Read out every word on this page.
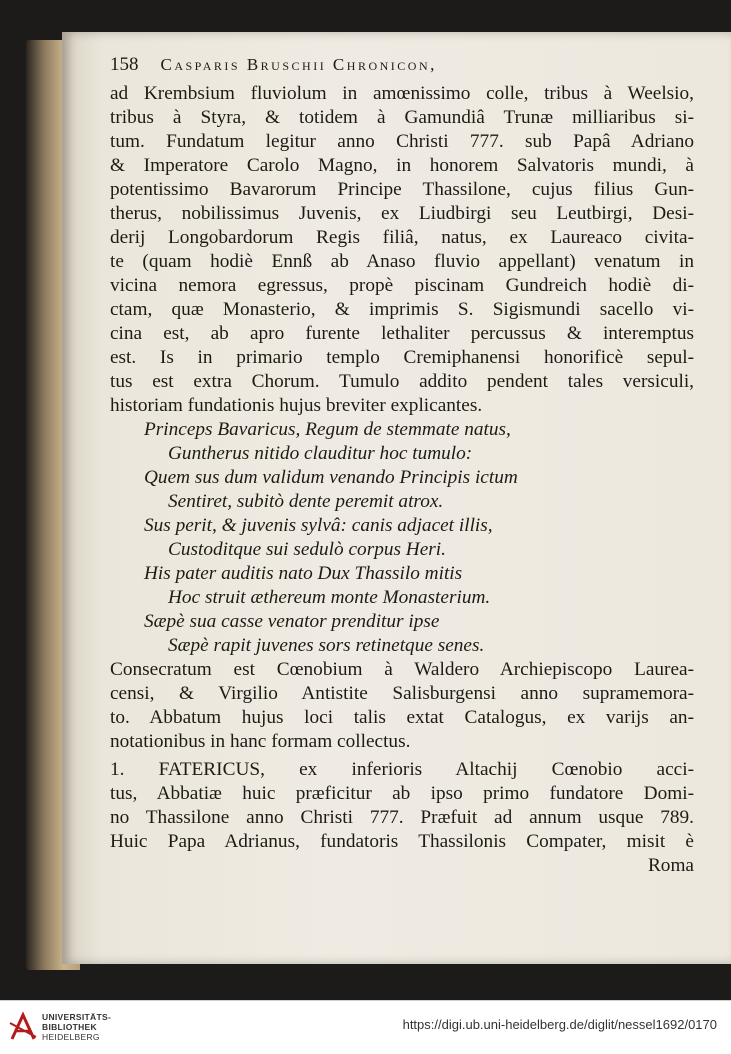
158 Casparis Bruschii Chronicon,
ad Krembsium fluviolum in amœnissimo colle, tribus à Weelsio,
tribus à Styra, & totidem à Gamundiâ Trunæ milliaribus si-
tum. Fundatum legitur anno Christi 777. sub Papâ Adriano
& Imperatore Carolo Magno, in honorem Salvatoris mundi, à
potentissimo Bavarorum Principe Thassilone, cujus filius Gun-
therus, nobilissimus Juvenis, ex Liudbirgi seu Leutbirgi, Desi-
derij Longobardorum Regis filiâ, natus, ex Laureaco civita-
te (quam hodiè Ennß ab Anaso fluvio appellant) venatum in
vicina nemora egressus, propè piscinam Gundreich hodiè di-
ctam, quæ Monasterio, & imprimis S. Sigismundi sacello vi-
cina est, ab apro furente lethaliter percussus & interemptus
est. Is in primario templo Cremiphanensi honorificè sepul-
tus est extra Chorum. Tumulo addito pendent tales versiculi,
historiam fundationis hujus breviter explicantes.
Princeps Bavaricus, Regum de stemmate natus,
Guntherus nitido clauditur hoc tumulo:
Quem sus dum validum venando Principis ictum
Sentiret, subitò dente peremit atrox.
Sus perit, & juvenis sylvâ: canis adjacet illis,
Custoditque sui sedulò corpus Heri.
His pater auditis nato Dux Thassilo mitis
Hoc struit æthereum monte Monasterium.
Sæpè sua casse venator prenditur ipse
Sæpè rapit juvenes sors retinetque senes.
Consecratum est Cœnobium à Waldero Archiepiscopo Laurea-
censi, & Virgilio Antistite Salisburgensi anno supramemora-
to. Abbatum hujus loci talis extat Catalogus, ex varijs an-
notationibus in hanc formam collectus.
1. FATERICUS, ex inferioris Altachij Cœnobio acci-
tus, Abbatiæ huic præficitur ab ipso primo fundatore Domi-
no Thassilone anno Christi 777. Præfuit ad annum usque 789.
Huic Papa Adrianus, fundatoris Thassilonis Compater, misit è
Roma
UNIVERSITÄTS-
BIBLIOTHEK
HEIDELBERG
https://digi.ub.uni-heidelberg.de/diglit/nessel1692/0170
